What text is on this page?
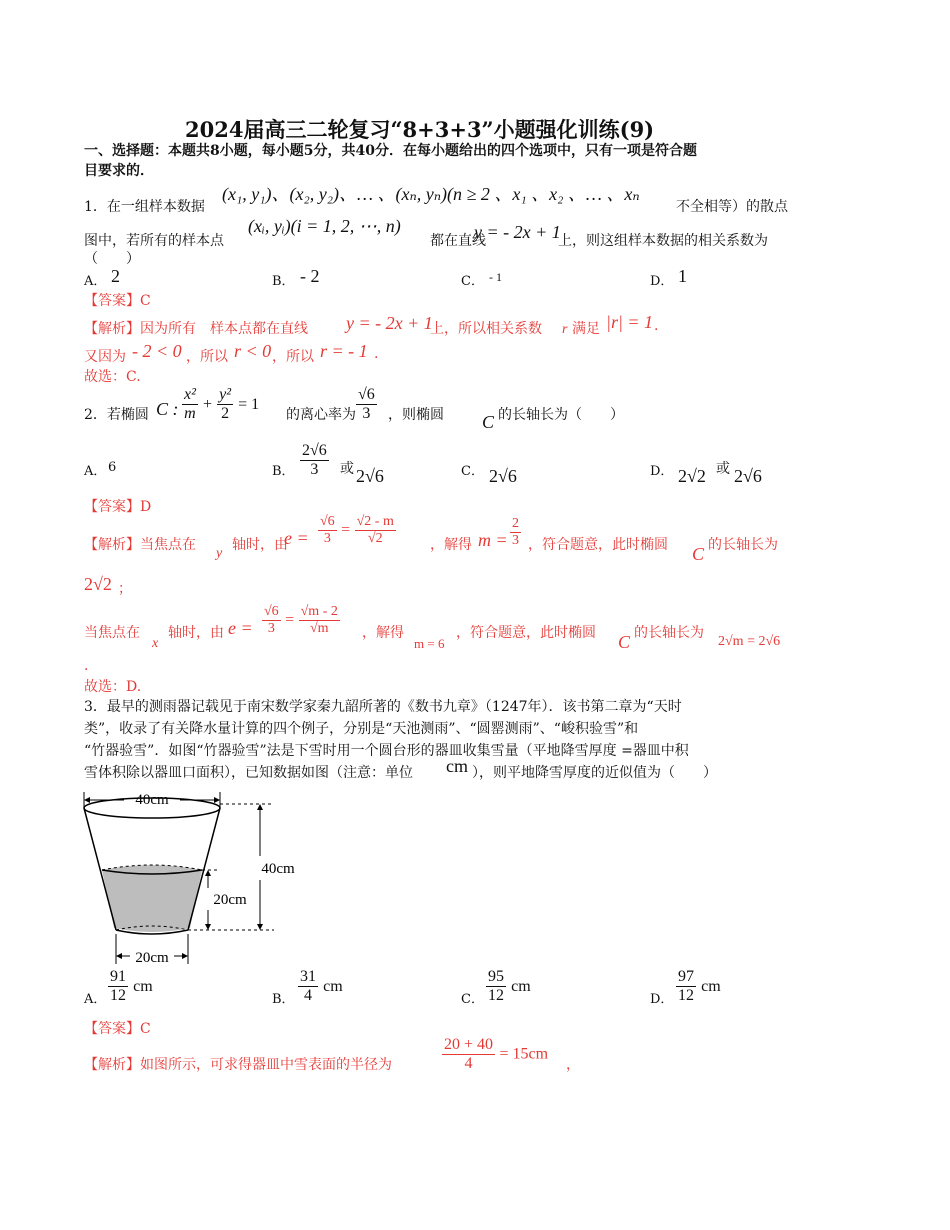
2024届高三二轮复习“8+3+3”小题强化训练(9)
一、选择题：本题共8小题，每小题5分，共40分．在每小题给出的四个选项中，只有一项是符合题
目要求的．
1．在一组样本数据
(x₁, y₁)、(x₂, y₂)、… 、(xₙ, yₙ)(n ≥ 2 、x₁ 、x₂ 、… 、xₙ
不全相等）的散点
图中，若所有的样本点
(xᵢ, yᵢ)(i = 1, 2, ⋯, n)
都在直线
y = - 2x + 1
上，则这组样本数据的相关系数为
（　　）
A． 2	B． - 2	C． - 1	D． 1
【答案】C
【解析】因为所有　样本点都在直线 y = - 2x + 1
上，所以相关系数 r 满足 |r| = 1 .
又因为 - 2 < 0 ，所以 r < 0 ，所以 r = - 1 .
故选：C.
2．若椭圆 C : $\frac{\text{x²}}{m} + \frac{\text{y²}}{2} = 1$
的离心率为 $\frac{√6}{3}$ ，则椭圆 C 的长轴长为（　　）
A． 6	B． $\frac{2√6}{3}$ 或 2√6	C． 2√6	D． 2√2 或 2√6
【答案】D
【解析】当焦点在
y
轴时，由
$e = \frac{√6}{3} = \frac{√2 - m}{√2}$ ，解得 $m = \frac{2}{3}$ ，符合题意，此时椭圆 C 的长轴长为
2√2 ；
当焦点在
x
轴时，由 $e = \frac{√6}{3} = \frac{√m - 2}{√m}$ ，解得
m = 6
，符合题意，此时椭圆 C 的长轴长为
2√m = 2√6
.
故选：D.
3．最早的测雨器记载见于南宋数学家秦九韶所著的《数书九章》（1247年）．该书第二章为“天时
类”，收录了有关降水量计算的四个例子，分别是“天池测雨”、“圆罂测雨”、“峻积验雪”和
“竹器验雪”．如图“竹器验雪”法是下雪时用一个圆台形的器皿收集雪量（平地降雪厚度 =器皿中积
雪体积除以器皿口面积），已知数据如图（注意：单位 cm ），则平地降雪厚度的近似值为（　　）
40cm
40cm
20cm
20cm
A． $\frac{91}{12}$ cm
B． $\frac{31}{4}$ cm
C． $\frac{95}{12}$ cm
D． $\frac{97}{12}$ cm
【答案】C
【解析】如图所示，可求得器皿中雪表面的半径为	$\frac{20 + 40}{4} = 15cm$
，
